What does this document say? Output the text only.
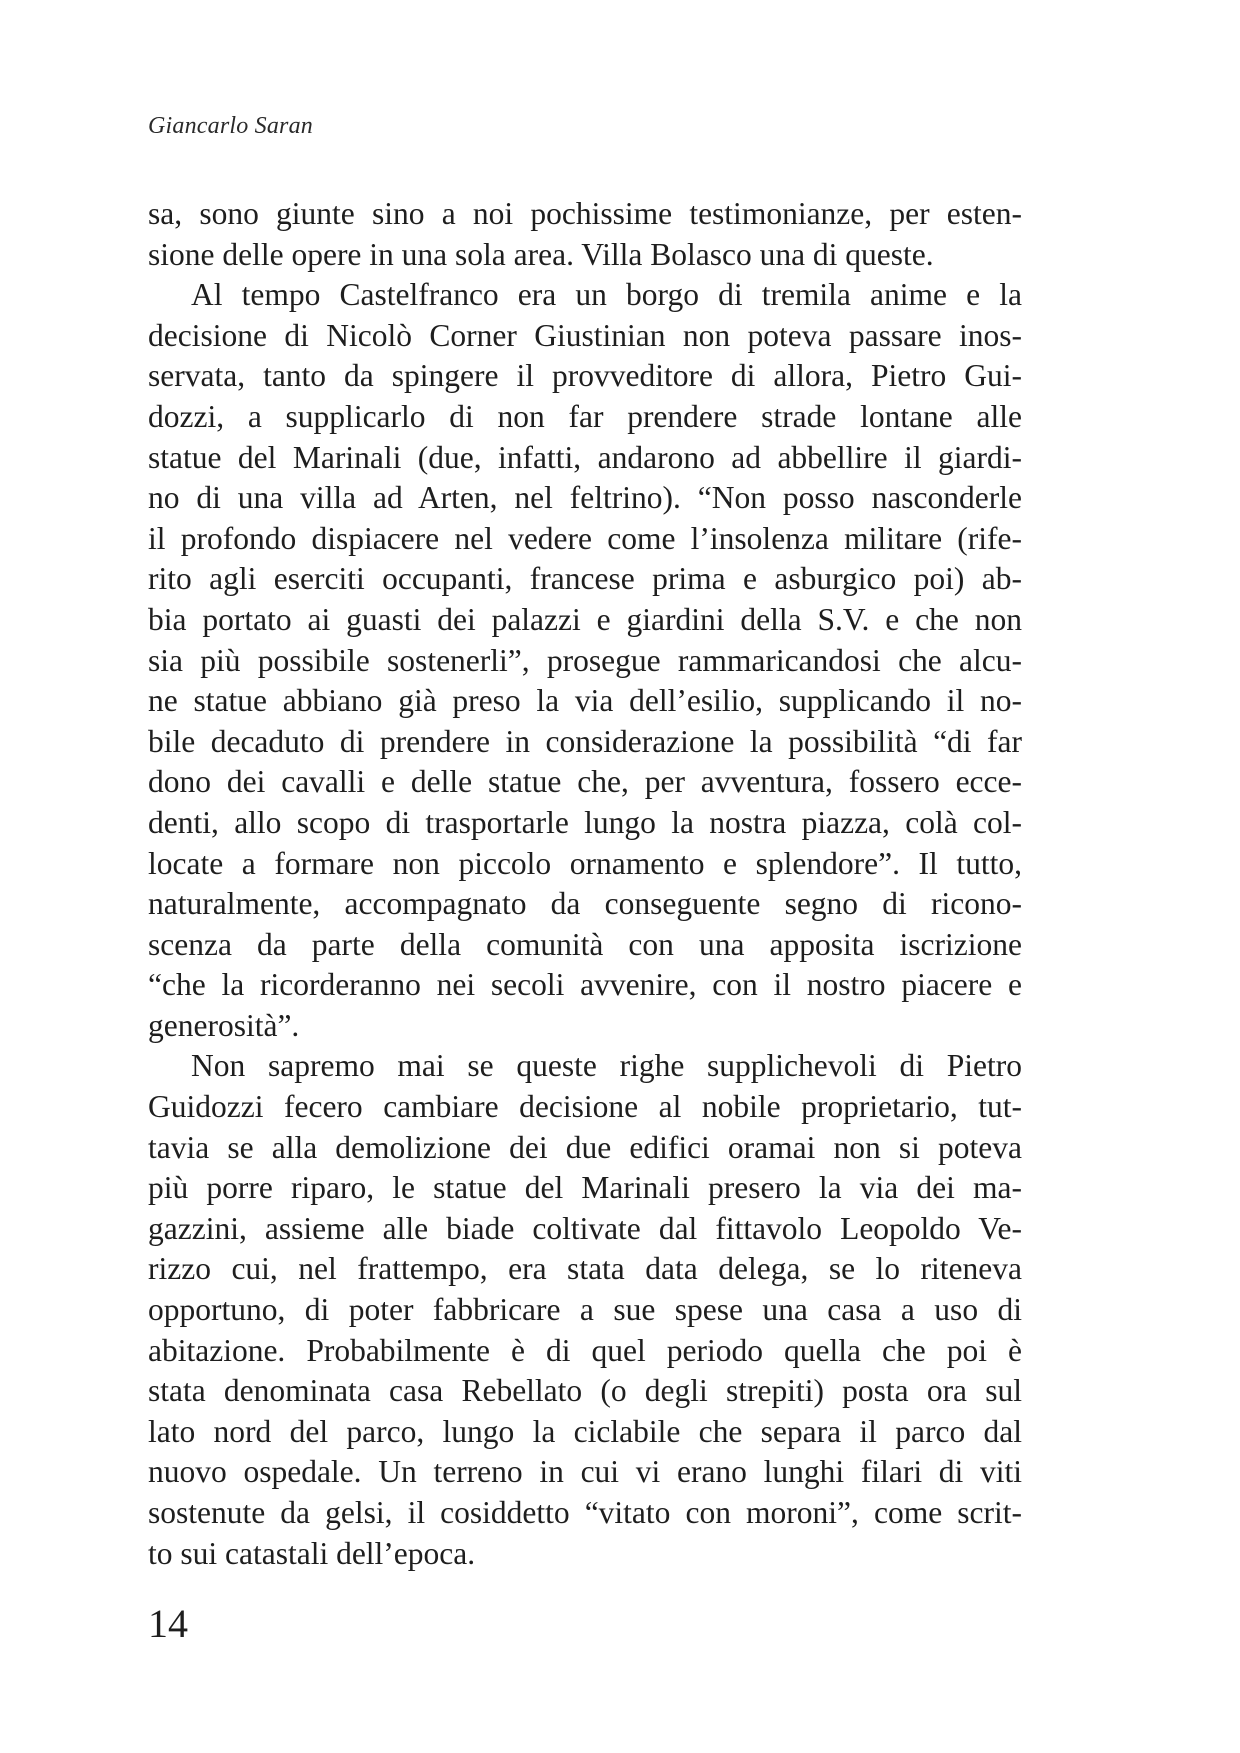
Giancarlo Saran
sa, sono giunte sino a noi pochissime testimonianze, per esten-
sione delle opere in una sola area. Villa Bolasco una di queste.
Al tempo Castelfranco era un borgo di tremila anime e la
decisione di Nicolò Corner Giustinian non poteva passare inos-
servata, tanto da spingere il provveditore di allora, Pietro Gui-
dozzi, a supplicarlo di non far prendere strade lontane alle
statue del Marinali (due, infatti, andarono ad abbellire il giardi-
no di una villa ad Arten, nel feltrino). “Non posso nasconderle
il profondo dispiacere nel vedere come l’insolenza militare (rife-
rito agli eserciti occupanti, francese prima e asburgico poi) ab-
bia portato ai guasti dei palazzi e giardini della S.V. e che non
sia più possibile sostenerli”, prosegue rammaricandosi che alcu-
ne statue abbiano già preso la via dell’esilio, supplicando il no-
bile decaduto di prendere in considerazione la possibilità “di far
dono dei cavalli e delle statue che, per avventura, fossero ecce-
denti, allo scopo di trasportarle lungo la nostra piazza, colà col-
locate a formare non piccolo ornamento e splendore”. Il tutto,
naturalmente, accompagnato da conseguente segno di ricono-
scenza da parte della comunità con una apposita iscrizione
“che la ricorderanno nei secoli avvenire, con il nostro piacere e
generosità”.
Non sapremo mai se queste righe supplichevoli di Pietro
Guidozzi fecero cambiare decisione al nobile proprietario, tut-
tavia se alla demolizione dei due edifici oramai non si poteva
più porre riparo, le statue del Marinali presero la via dei ma-
gazzini, assieme alle biade coltivate dal fittavolo Leopoldo Ve-
rizzo cui, nel frattempo, era stata data delega, se lo riteneva
opportuno, di poter fabbricare a sue spese una casa a uso di
abitazione. Probabilmente è di quel periodo quella che poi è
stata denominata casa Rebellato (o degli strepiti) posta ora sul
lato nord del parco, lungo la ciclabile che separa il parco dal
nuovo ospedale. Un terreno in cui vi erano lunghi filari di viti
sostenute da gelsi, il cosiddetto “vitato con moroni”, come scrit-
to sui catastali dell’epoca.
14
